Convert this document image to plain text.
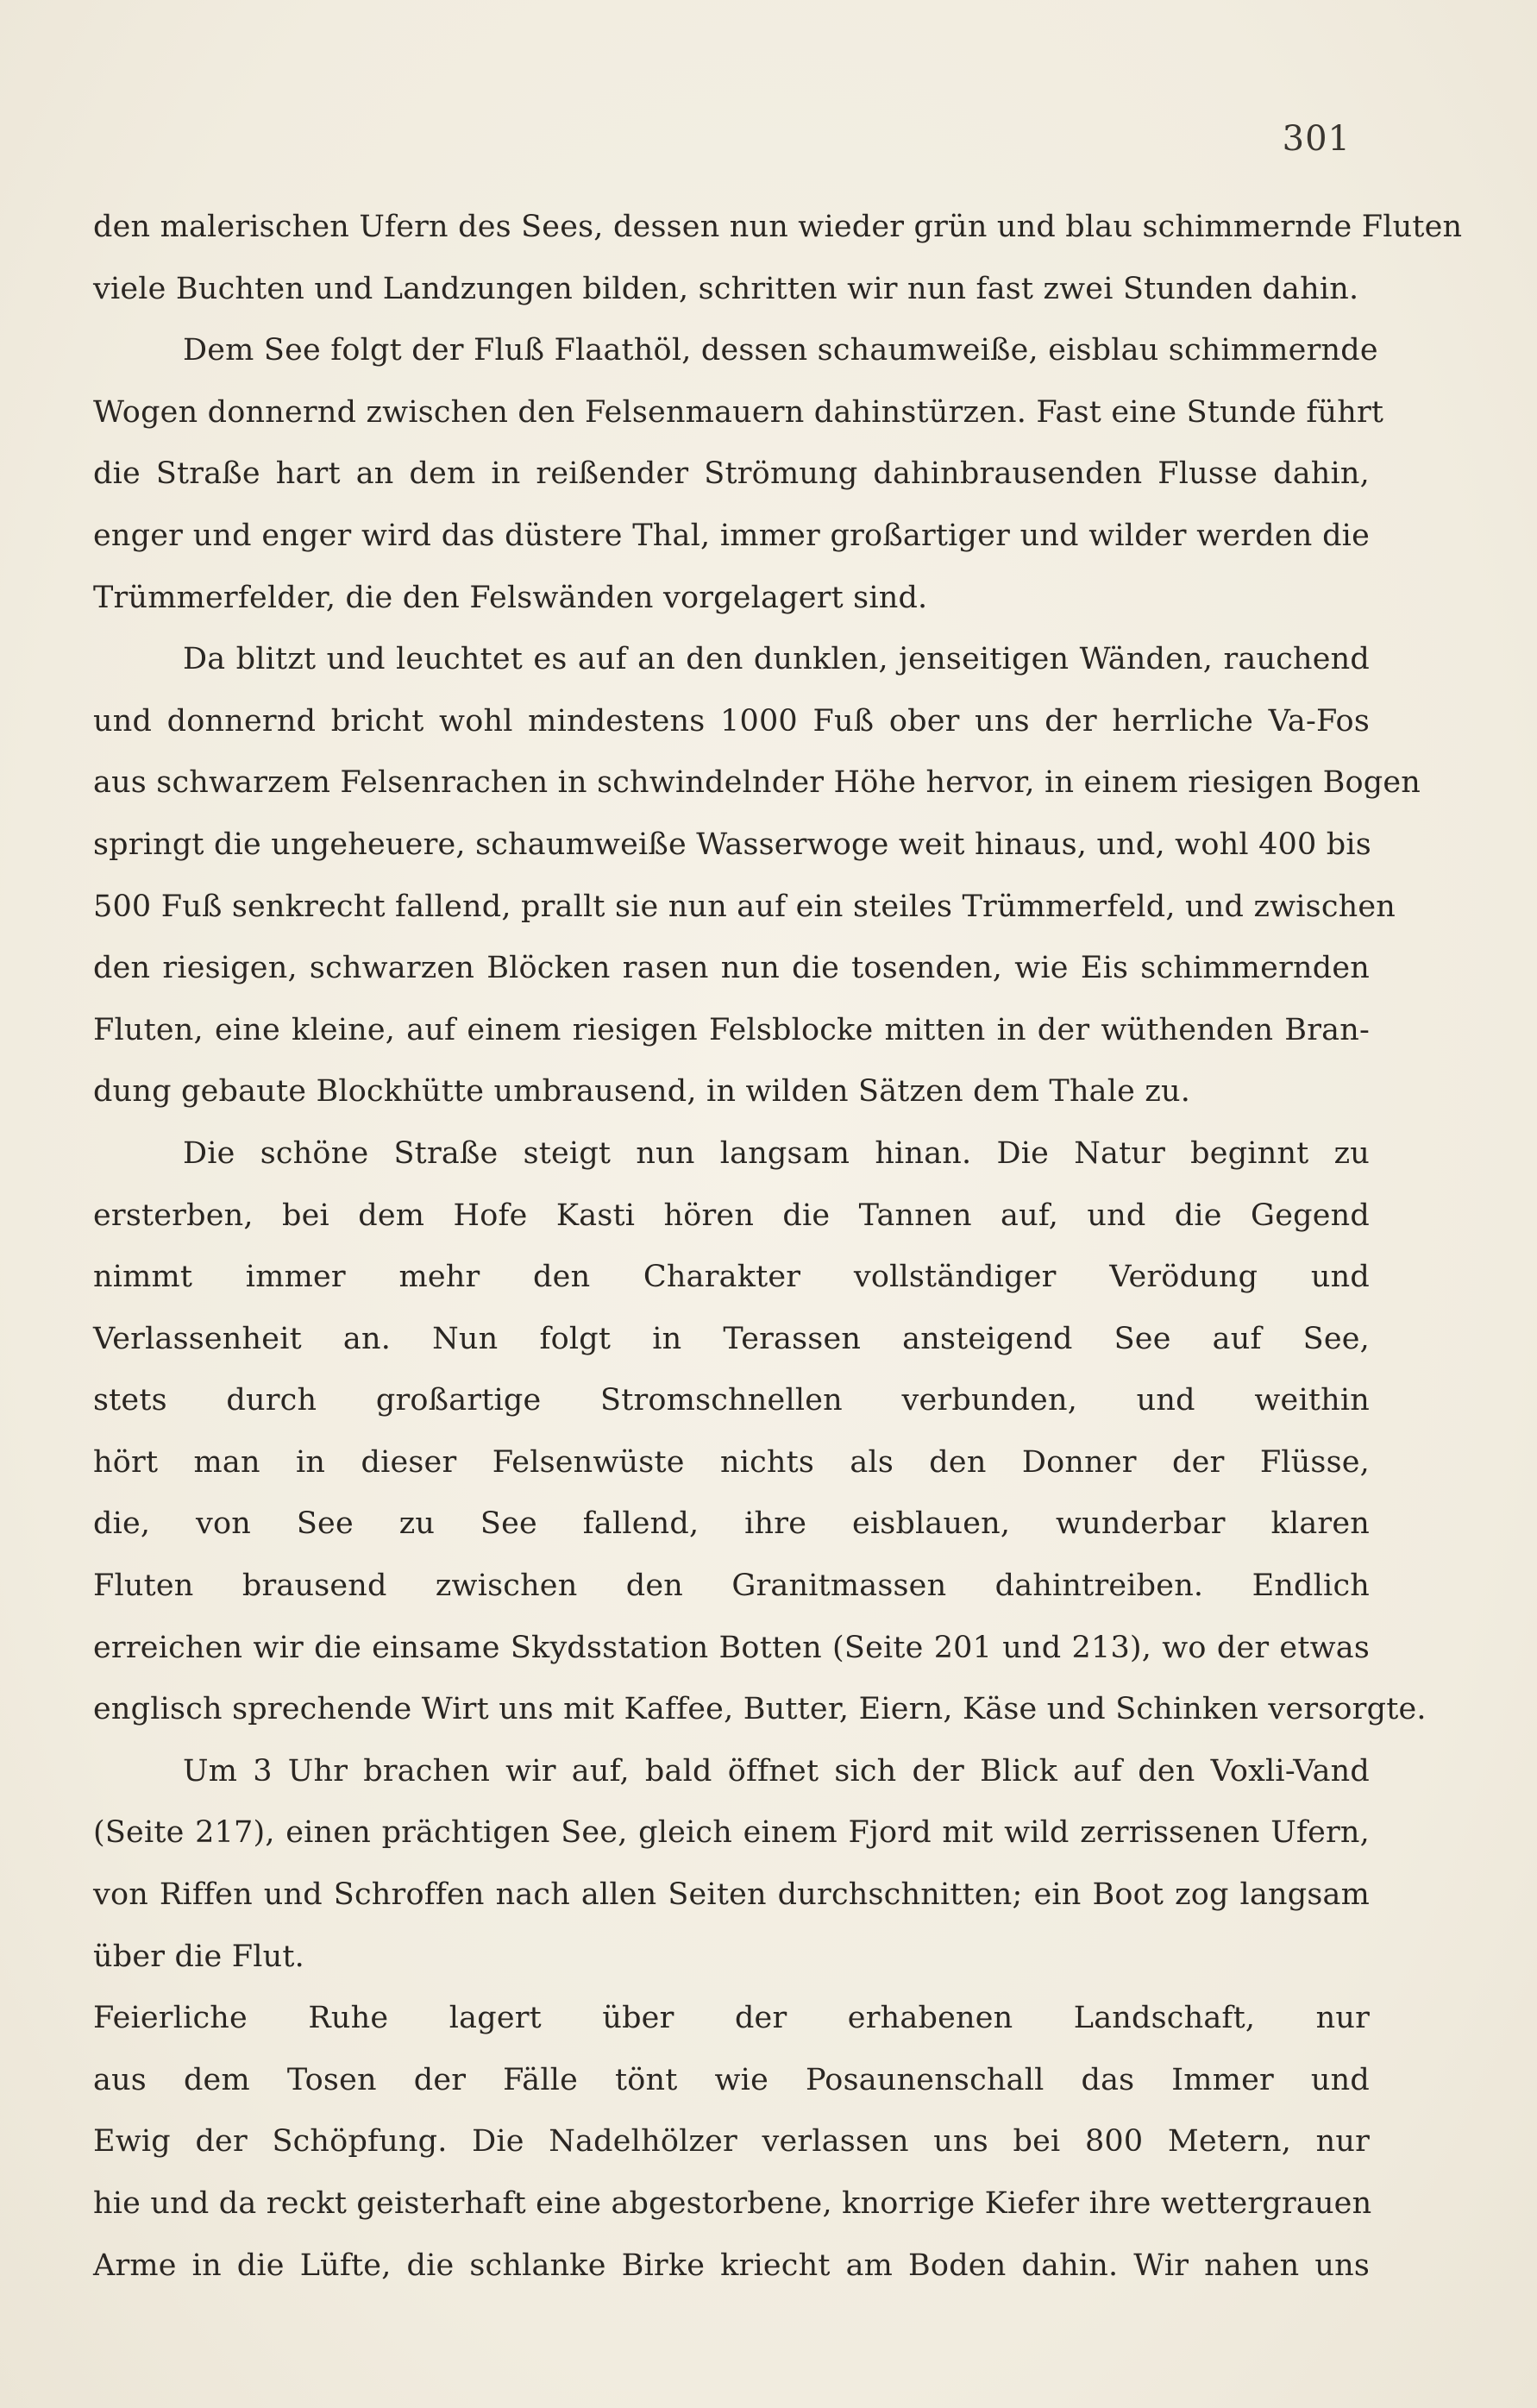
301
den malerischen Ufern des Sees, dessen nun wieder grün und blau schimmernde Fluten
viele Buchten und Landzungen bilden, schritten wir nun fast zwei Stunden dahin.
Dem See folgt der Fluß Flaathöl, dessen schaumweiße, eisblau schimmernde
Wogen donnernd zwischen den Felsenmauern dahinstürzen. Fast eine Stunde führt
die Straße hart an dem in reißender Strömung dahinbrausenden Flusse dahin,
enger und enger wird das düstere Thal, immer großartiger und wilder werden die
Trümmerfelder, die den Felswänden vorgelagert sind.
Da blitzt und leuchtet es auf an den dunklen, jenseitigen Wänden, rauchend
und donnernd bricht wohl mindestens 1000 Fuß ober uns der herrliche Va-Fos
aus schwarzem Felsenrachen in schwindelnder Höhe hervor, in einem riesigen Bogen
springt die ungeheuere, schaumweiße Wasserwoge weit hinaus, und, wohl 400 bis
500 Fuß senkrecht fallend, prallt sie nun auf ein steiles Trümmerfeld, und zwischen
den riesigen, schwarzen Blöcken rasen nun die tosenden, wie Eis schimmernden
Fluten, eine kleine, auf einem riesigen Felsblocke mitten in der wüthenden Bran-
dung gebaute Blockhütte umbrausend, in wilden Sätzen dem Thale zu.
Die schöne Straße steigt nun langsam hinan. Die Natur beginnt zu
ersterben, bei dem Hofe Kasti hören die Tannen auf, und die Gegend
nimmt immer mehr den Charakter vollständiger Verödung und
Verlassenheit an. Nun folgt in Terassen ansteigend See auf See,
stets durch großartige Stromschnellen verbunden, und weithin
hört man in dieser Felsenwüste nichts als den Donner der Flüsse,
die, von See zu See fallend, ihre eisblauen, wunderbar klaren
Fluten brausend zwischen den Granitmassen dahintreiben. Endlich
erreichen wir die einsame Skydsstation Botten (Seite 201 und 213), wo der etwas
englisch sprechende Wirt uns mit Kaffee, Butter, Eiern, Käse und Schinken versorgte.
Um 3 Uhr brachen wir auf, bald öffnet sich der Blick auf den Voxli-Vand
(Seite 217), einen prächtigen See, gleich einem Fjord mit wild zerrissenen Ufern,
von Riffen und Schroffen nach allen Seiten durchschnitten; ein Boot zog langsam
über die Flut.
Feierliche Ruhe lagert über der erhabenen Landschaft, nur
aus dem Tosen der Fälle tönt wie Posaunenschall das Immer und
Ewig der Schöpfung. Die Nadelhölzer verlassen uns bei 800 Metern, nur
hie und da reckt geisterhaft eine abgestorbene, knorrige Kiefer ihre wettergrauen
Arme in die Lüfte, die schlanke Birke kriecht am Boden dahin. Wir nahen uns
